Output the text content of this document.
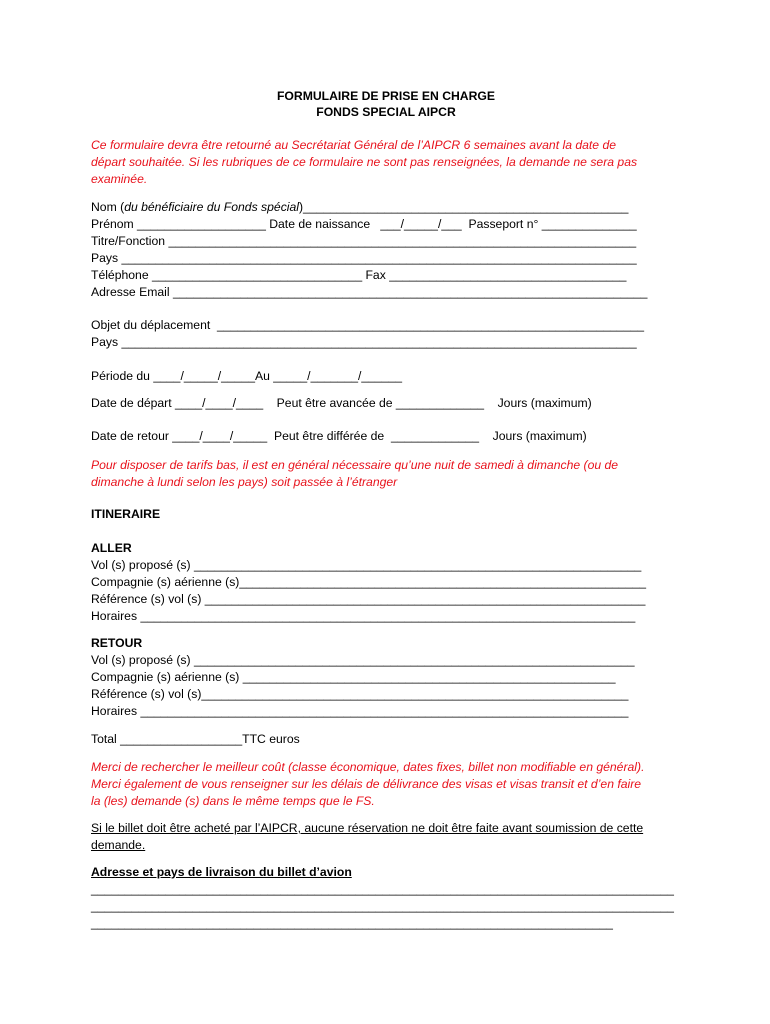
FORMULAIRE DE PRISE EN CHARGE
FONDS SPECIAL AIPCR
Ce formulaire devra être retourné au Secrétariat Général de l’AIPCR 6 semaines avant la date de
départ souhaitée. Si les rubriques de ce formulaire ne sont pas renseignées, la demande ne sera pas
examinée.
Nom (du bénéficiaire du Fonds spécial)________________________________________________
Prénom ___________________ Date de naissance   ___/_____/___  Passeport n° ______________
Titre/Fonction _____________________________________________________________________
Pays ____________________________________________________________________________
Téléphone _______________________________ Fax ___________________________________
Adresse Email ______________________________________________________________________
Objet du déplacement  _______________________________________________________________
Pays ____________________________________________________________________________
Période du ____/_____/_____Au _____/_______/______
Date de départ ____/____/____    Peut être avancée de _____________    Jours (maximum)
Date de retour ____/____/_____  Peut être différée de  _____________    Jours (maximum)
Pour disposer de tarifs bas, il est en général nécessaire qu’une nuit de samedi à dimanche (ou de
dimanche à lundi selon les pays) soit passée à l’étranger
ITINERAIRE
ALLER
Vol (s) proposé (s) __________________________________________________________________
Compagnie (s) aérienne (s)____________________________________________________________
Référence (s) vol (s) _________________________________________________________________
Horaires _________________________________________________________________________
RETOUR
Vol (s) proposé (s) _________________________________________________________________
Compagnie (s) aérienne (s) _______________________________________________________
Référence (s) vol (s)_______________________________________________________________
Horaires ________________________________________________________________________
Total __________________TTC euros
Merci de rechercher le meilleur coût (classe économique, dates fixes, billet non modifiable en général).
Merci également de vous renseigner sur les délais de délivrance des visas et visas transit et d’en faire
la (les) demande (s) dans le même temps que le FS.
Si le billet doit être acheté par l’AIPCR, aucune réservation ne doit être faite avant soumission de cette
demande.
Adresse et pays de livraison du billet d’avion
______________________________________________________________________________________
______________________________________________________________________________________
_____________________________________________________________________________
